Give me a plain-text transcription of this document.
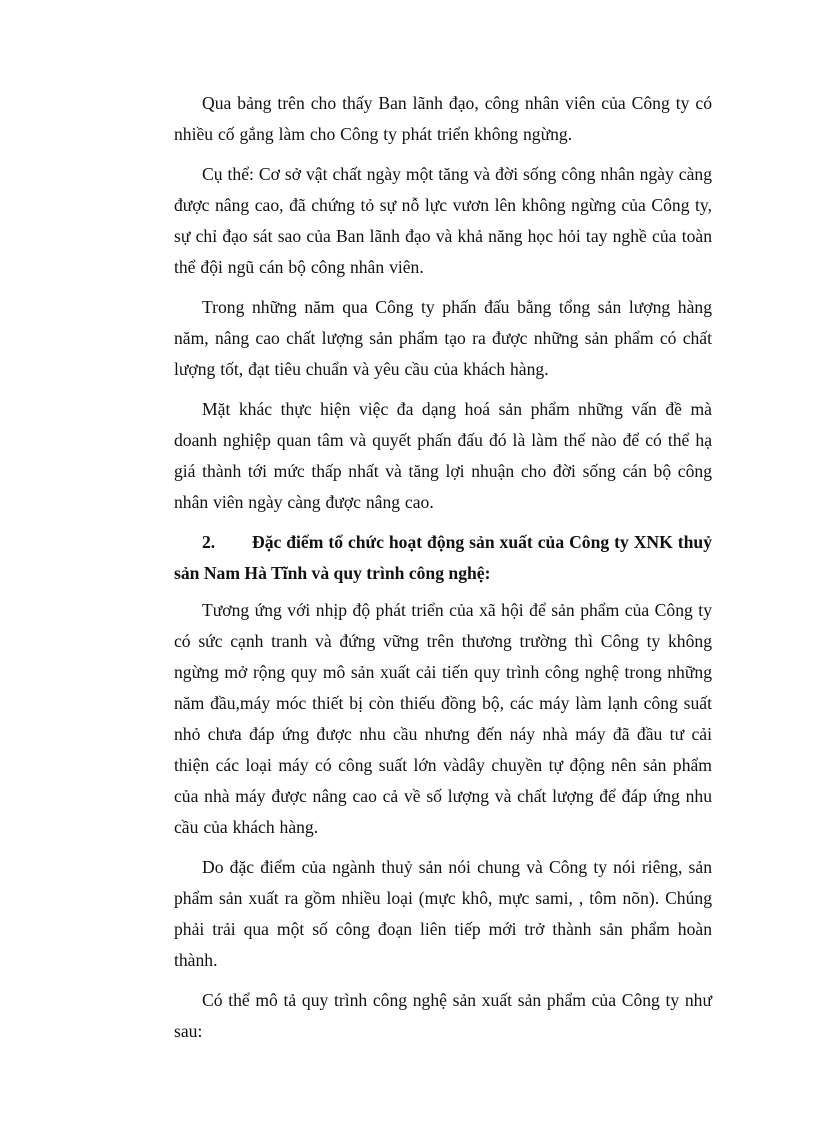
Qua bảng trên cho thấy Ban lãnh đạo, công nhân viên của Công ty có nhiều cố gắng làm cho Công ty phát triển không ngừng.

Cụ thể: Cơ sở vật chất ngày một tăng và đời sống công nhân ngày càng được nâng cao, đã chứng tỏ sự nỗ lực vươn lên không ngừng của Công ty, sự chỉ đạo sát sao của Ban lãnh đạo và khả năng học hỏi tay nghề của toàn thể đội ngũ cán bộ công nhân viên.

Trong những năm qua Công ty phấn đấu bằng tổng sản lượng hàng năm, nâng cao chất lượng sản phẩm tạo ra được những sản phẩm có chất lượng tốt, đạt tiêu chuẩn và yêu cầu của khách hàng.

Mặt khác thực hiện việc đa dạng hoá sản phẩm những vấn đề mà doanh nghiệp quan tâm và quyết phấn đấu đó là làm thế nào để có thể hạ giá thành tới mức thấp nhất và tăng lợi nhuận cho đời sống cán bộ công nhân viên ngày càng được nâng cao.

2.	Đặc điểm tổ chức hoạt động sản xuất của Công ty XNK thuỷ
sản Nam Hà Tĩnh và quy trình công nghệ:

Tương ứng với nhịp độ phát triển của xã hội để sản phẩm của Công ty có sức cạnh tranh và đứng vững trên thương trường thì Công ty không ngừng mở rộng quy mô sản xuất cải tiến quy trình công nghệ trong những năm đầu,máy móc thiết bị còn thiếu đồng bộ, các máy làm lạnh công suất nhỏ chưa đáp ứng được nhu cầu nhưng đến náy nhà máy đã đầu tư cải thiện các loại máy có công suất lớn vàdây chuyền tự động nên sản phẩm của nhà máy được nâng cao cả về số lượng và chất lượng để đáp ứng nhu cầu của khách hàng.

Do đặc điểm của ngành thuỷ sản nói chung và Công ty nói riêng, sản phẩm sản xuất ra gồm nhiều loại (mực khô, mực sami, , tôm nõn). Chúng phải trải qua một số công đoạn liên tiếp mới trở thành sản phẩm hoàn thành.

Có thể mô tả quy trình công nghệ sản xuất sản phẩm của Công ty như sau:
